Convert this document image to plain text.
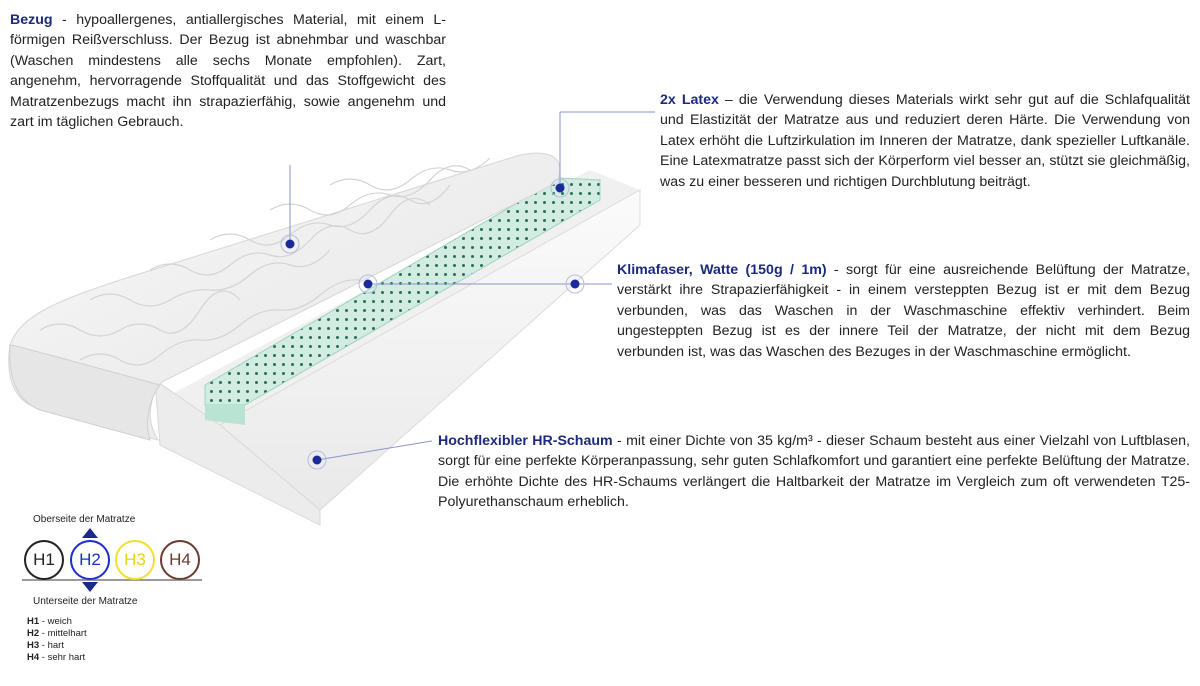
Bezug - hypoallergenes, antiallergisches Material, mit einem L-förmigen Reißverschluss. Der Bezug ist abnehmbar und waschbar (Waschen mindestens alle sechs Monate empfohlen). Zart, angenehm, hervorragende Stoffqualität und das Stoffgewicht des Matratzenbezugs macht ihn strapazierfähig, sowie angenehm und zart im täglichen Gebrauch.
2x Latex – die Verwendung dieses Materials wirkt sehr gut auf die Schlafqualität und Elastizität der Matratze aus und reduziert deren Härte. Die Verwendung von Latex erhöht die Luftzirkulation im Inneren der Matratze, dank spezieller Luftkanäle. Eine Latexmatratze passt sich der Körperform viel besser an, stützt sie gleichmäßig, was zu einer besseren und richtigen Durchblutung beiträgt.
Klimafaser, Watte (150g / 1m) - sorgt für eine ausreichende Belüftung der Matratze, verstärkt ihre Strapazierfähigkeit - in einem versteppten Bezug ist er mit dem Bezug verbunden, was das Waschen in der Waschmaschine effektiv verhindert. Beim ungesteppten Bezug ist es der innere Teil der Matratze, der nicht mit dem Bezug verbunden ist, was das Waschen des Bezuges in der Waschmaschine ermöglicht.
Hochflexibler HR-Schaum - mit einer Dichte von 35 kg/m³ - dieser Schaum besteht aus einer Vielzahl von Luftblasen, sorgt für eine perfekte Körperanpassung, sehr guten Schlafkomfort und garantiert eine perfekte Belüftung der Matratze. Die erhöhte Dichte des HR-Schaums verlängert die Haltbarkeit der Matratze im Vergleich zum oft verwendeten T25-Polyurethanschaum erheblich.
Oberseite der Matratze
H1	H2	H3	H4
Unterseite der Matratze
H1 - weich
H2 - mittelhart
H3 - hart
H4 - sehr hart
